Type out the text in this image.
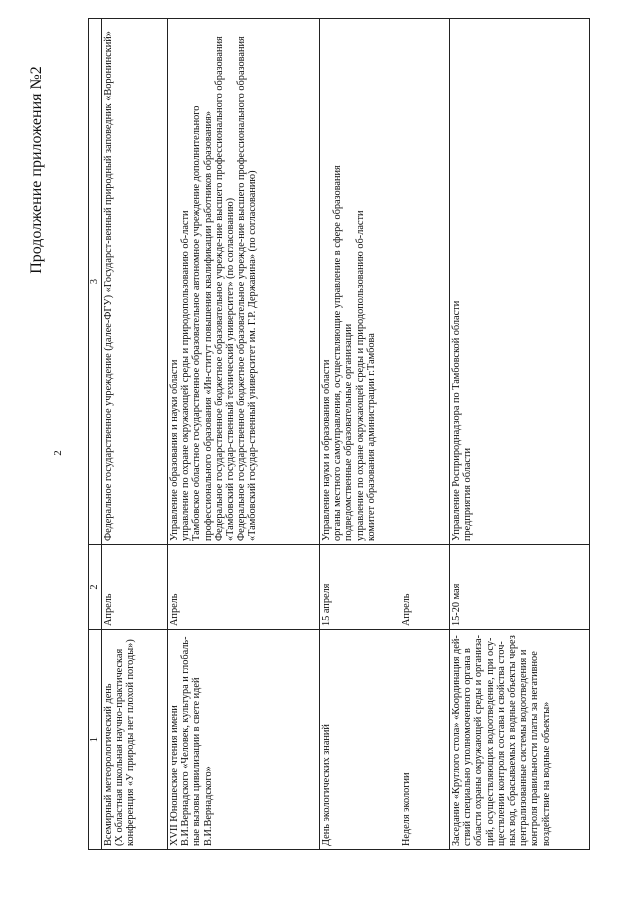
2
Продолжение приложения №2
1	2	3

Всемирный метеорологический день (X областная школьная научно-практическая конференция «У природы нет плохой погоды»)	Апрель	Федеральное государственное учреждение (далее-ФГУ) «Государст-венный природный заповедник «Воронинский»

XVII Юношеские чтения имени В.И.Вернадского «Человек, культура и глобаль-ные вызовы цивилизации в свете идей В.И.Вернадского»	Апрель	Управление образования и науки области управление по охране окружающей среды и природопользованию об-ласти Тамбовское областное государственное образовательное автономное учреждение дополнительного профессионального образования «Ин-ститут повышения квалификации работников образования» Федеральное государственное бюджетное образовательное учрежде-ние высшего профессионального образования «Тамбовский государ-ственный технический университет» (по согласованию) Федеральное государственное бюджетное образовательное учрежде-ние высшего профессионального образования «Тамбовский государ-ственный университет им. Г.Р. Державина» (по согласованию)

День экологических знаний Неделя экологии	15 апреля Апрель	Управление науки и образования области органы местного самоуправления, осуществляющие управление в сфере образования подведомственные образовательные организации управление по охране окружающей среды и природопользованию об-ласти комитет образования администрации г.Тамбова

Заседание «Круглого стола» «Координация дей-ствий специально уполномоченного органа в области охраны окружающей среды и организа-ций, осуществляющих водоотведение, при осу-ществлении контроля состава и свойства сточ-ных вод, сбрасываемых в водные объекты через централизованные системы водоотведения и контроля правильности платы за негативное воздействие на водные объекты»	15-20 мая	Управление Росприроднадзора по Тамбовской области предприятия области
